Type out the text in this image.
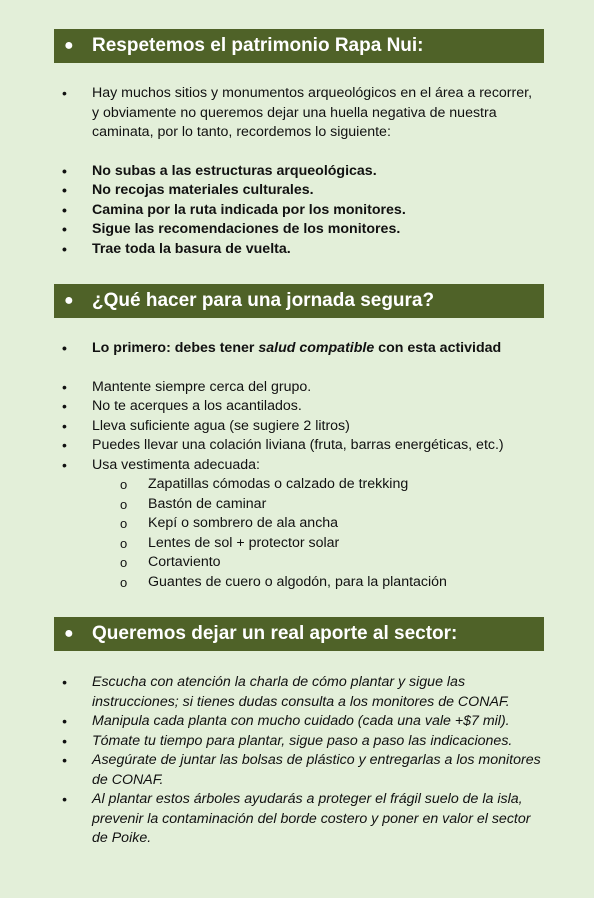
● Respetemos el patrimonio Rapa Nui:
• Hay muchos sitios y monumentos arqueológicos en el área a recorrer, y obviamente no queremos dejar una huella negativa de nuestra caminata, por lo tanto, recordemos lo siguiente:
• No subas a las estructuras arqueológicas.
• No recojas materiales culturales.
• Camina por la ruta indicada por los monitores.
• Sigue las recomendaciones de los monitores.
• Trae toda la basura de vuelta.
● ¿Qué hacer para una jornada segura?
• Lo primero: debes tener salud compatible con esta actividad
• Mantente siempre cerca del grupo.
• No te acerques a los acantilados.
• Lleva suficiente agua (se sugiere 2 litros)
• Puedes llevar una colación liviana (fruta, barras energéticas, etc.)
• Usa vestimenta adecuada:
o Zapatillas cómodas o calzado de trekking
o Bastón de caminar
o Kepí o sombrero de ala ancha
o Lentes de sol + protector solar
o Cortaviento
o Guantes de cuero o algodón, para la plantación
● Queremos dejar un real aporte al sector:
• Escucha con atención la charla de cómo plantar y sigue las instrucciones; si tienes dudas consulta a los monitores de CONAF.
• Manipula cada planta con mucho cuidado (cada una vale +$7 mil).
• Tómate tu tiempo para plantar, sigue paso a paso las indicaciones.
• Asegúrate de juntar las bolsas de plástico y entregarlas a los monitores de CONAF.
• Al plantar estos árboles ayudarás a proteger el frágil suelo de la isla, prevenir la contaminación del borde costero y poner en valor el sector de Poike.
